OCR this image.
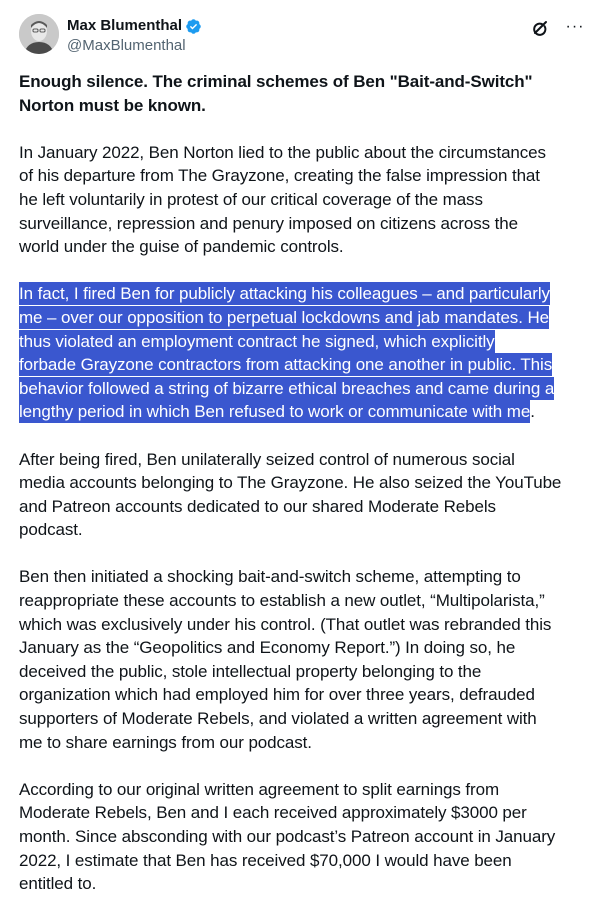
Max Blumenthal
@MaxBlumenthal
···

Enough silence. The criminal schemes of Ben "Bait-and-Switch"
Norton must be known.

In January 2022, Ben Norton lied to the public about the circumstances
of his departure from The Grayzone, creating the false impression that
he left voluntarily in protest of our critical coverage of the mass
surveillance, repression and penury imposed on citizens across the
world under the guise of pandemic controls.

In fact, I fired Ben for publicly attacking his colleagues – and particularly
me – over our opposition to perpetual lockdowns and jab mandates. He
thus violated an employment contract he signed, which explicitly
forbade Grayzone contractors from attacking one another in public. This
behavior followed a string of bizarre ethical breaches and came during a
lengthy period in which Ben refused to work or communicate with me.

After being fired, Ben unilaterally seized control of numerous social
media accounts belonging to The Grayzone. He also seized the YouTube
and Patreon accounts dedicated to our shared Moderate Rebels
podcast.

Ben then initiated a shocking bait-and-switch scheme, attempting to
reappropriate these accounts to establish a new outlet, “Multipolarista,”
which was exclusively under his control. (That outlet was rebranded this
January as the “Geopolitics and Economy Report.”) In doing so, he
deceived the public, stole intellectual property belonging to the
organization which had employed him for over three years, defrauded
supporters of Moderate Rebels, and violated a written agreement with
me to share earnings from our podcast.

According to our original written agreement to split earnings from
Moderate Rebels, Ben and I each received approximately $3000 per
month. Since absconding with our podcast’s Patreon account in January
2022, I estimate that Ben has received $70,000 I would have been
entitled to.
